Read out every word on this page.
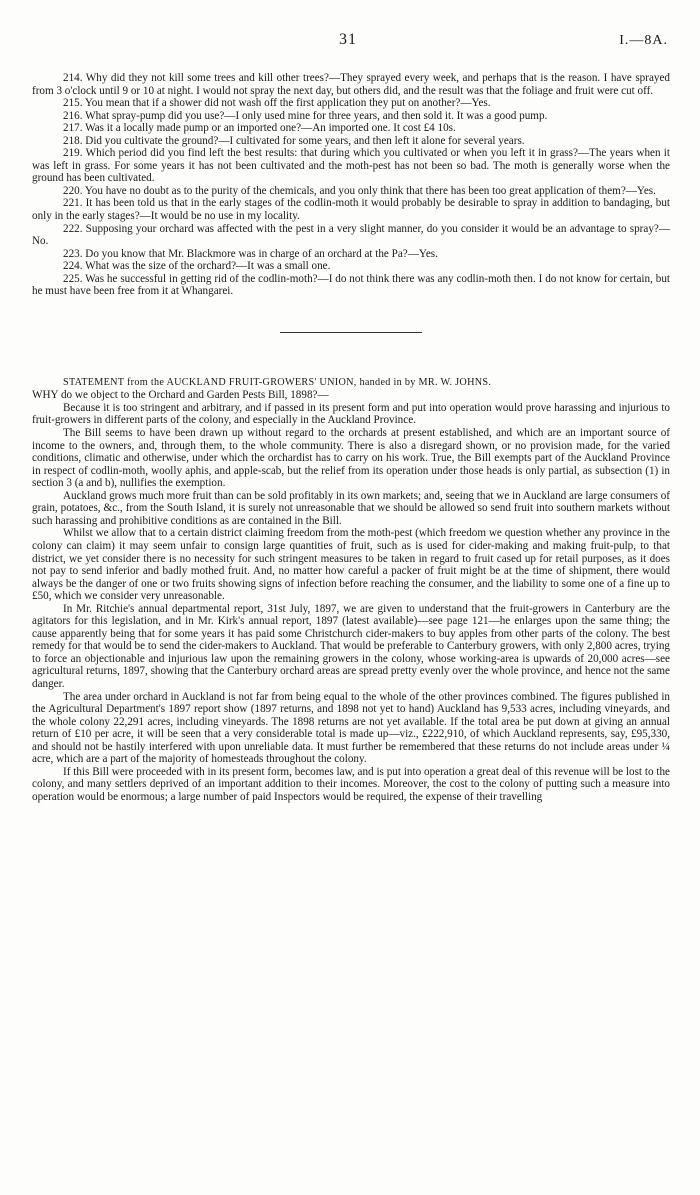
31	I.—8A.

214. Why did they not kill some trees and kill other trees?—They sprayed every week, and perhaps that is the reason. I have sprayed from 3 o'clock until 9 or 10 at night. I would not spray the next day, but others did, and the result was that the foliage and fruit were cut off.

215. You mean that if a shower did not wash off the first application they put on another?—Yes.

216. What spray-pump did you use?—I only used mine for three years, and then sold it. It was a good pump.

217. Was it a locally made pump or an imported one?—An imported one. It cost £4 10s.

218. Did you cultivate the ground?—I cultivated for some years, and then left it alone for several years.

219. Which period did you find left the best results: that during which you cultivated or when you left it in grass?—The years when it was left in grass. For some years it has not been cultivated and the moth-pest has not been so bad. The moth is generally worse when the ground has been cultivated.

220. You have no doubt as to the purity of the chemicals, and you only think that there has been too great application of them?—Yes.

221. It has been told us that in the early stages of the codlin-moth it would probably be desirable to spray in addition to bandaging, but only in the early stages?—It would be no use in my locality.

222. Supposing your orchard was affected with the pest in a very slight manner, do you consider it would be an advantage to spray?—No.

223. Do you know that Mr. Blackmore was in charge of an orchard at the Pa?—Yes.

224. What was the size of the orchard?—It was a small one.

225. Was he successful in getting rid of the codlin-moth?—I do not think there was any codlin-moth then. I do not know for certain, but he must have been free from it at Whangarei.

STATEMENT from the AUCKLAND FRUIT-GROWERS' UNION, handed in by MR. W. JOHNS.

WHY do we object to the Orchard and Garden Pests Bill, 1898?—

Because it is too stringent and arbitrary, and if passed in its present form and put into operation would prove harassing and injurious to fruit-growers in different parts of the colony, and especially in the Auckland Province.

The Bill seems to have been drawn up without regard to the orchards at present established, and which are an important source of income to the owners, and, through them, to the whole community. There is also a disregard shown, or no provision made, for the varied conditions, climatic and otherwise, under which the orchardist has to carry on his work. True, the Bill exempts part of the Auckland Province in respect of codlin-moth, woolly aphis, and apple-scab, but the relief from its operation under those heads is only partial, as subsection (1) in section 3 (a and b), nullifies the exemption.

Auckland grows much more fruit than can be sold profitably in its own markets; and, seeing that we in Auckland are large consumers of grain, potatoes, &c., from the South Island, it is surely not unreasonable that we should be allowed so send fruit into southern markets without such harassing and prohibitive conditions as are contained in the Bill.

Whilst we allow that to a certain district claiming freedom from the moth-pest (which freedom we question whether any province in the colony can claim) it may seem unfair to consign large quantities of fruit, such as is used for cider-making and making fruit-pulp, to that district, we yet consider there is no necessity for such stringent measures to be taken in regard to fruit cased up for retail purposes, as it does not pay to send inferior and badly mothed fruit. And, no matter how careful a packer of fruit might be at the time of shipment, there would always be the danger of one or two fruits showing signs of infection before reaching the consumer, and the liability to some one of a fine up to £50, which we consider very unreasonable.

In Mr. Ritchie's annual departmental report, 31st July, 1897, we are given to understand that the fruit-growers in Canterbury are the agitators for this legislation, and in Mr. Kirk's annual report, 1897 (latest available)—see page 121—he enlarges upon the same thing; the cause apparently being that for some years it has paid some Christchurch cider-makers to buy apples from other parts of the colony. The best remedy for that would be to send the cider-makers to Auckland. That would be preferable to Canterbury growers, with only 2,800 acres, trying to force an objectionable and injurious law upon the remaining growers in the colony, whose working-area is upwards of 20,000 acres—see agricultural returns, 1897, showing that the Canterbury orchard areas are spread pretty evenly over the whole province, and hence not the same danger.

The area under orchard in Auckland is not far from being equal to the whole of the other provinces combined. The figures published in the Agricultural Department's 1897 report show (1897 returns, and 1898 not yet to hand) Auckland has 9,533 acres, including vineyards, and the whole colony 22,291 acres, including vineyards. The 1898 returns are not yet available. If the total area be put down at giving an annual return of £10 per acre, it will be seen that a very considerable total is made up—viz., £222,910, of which Auckland represents, say, £95,330, and should not be hastily interfered with upon unreliable data. It must further be remembered that these returns do not include areas under ¼ acre, which are a part of the majority of homesteads throughout the colony.

If this Bill were proceeded with in its present form, becomes law, and is put into operation a great deal of this revenue will be lost to the colony, and many settlers deprived of an important addition to their incomes. Moreover, the cost to the colony of putting such a measure into operation would be enormous; a large number of paid Inspectors would be required, the expense of their travelling
